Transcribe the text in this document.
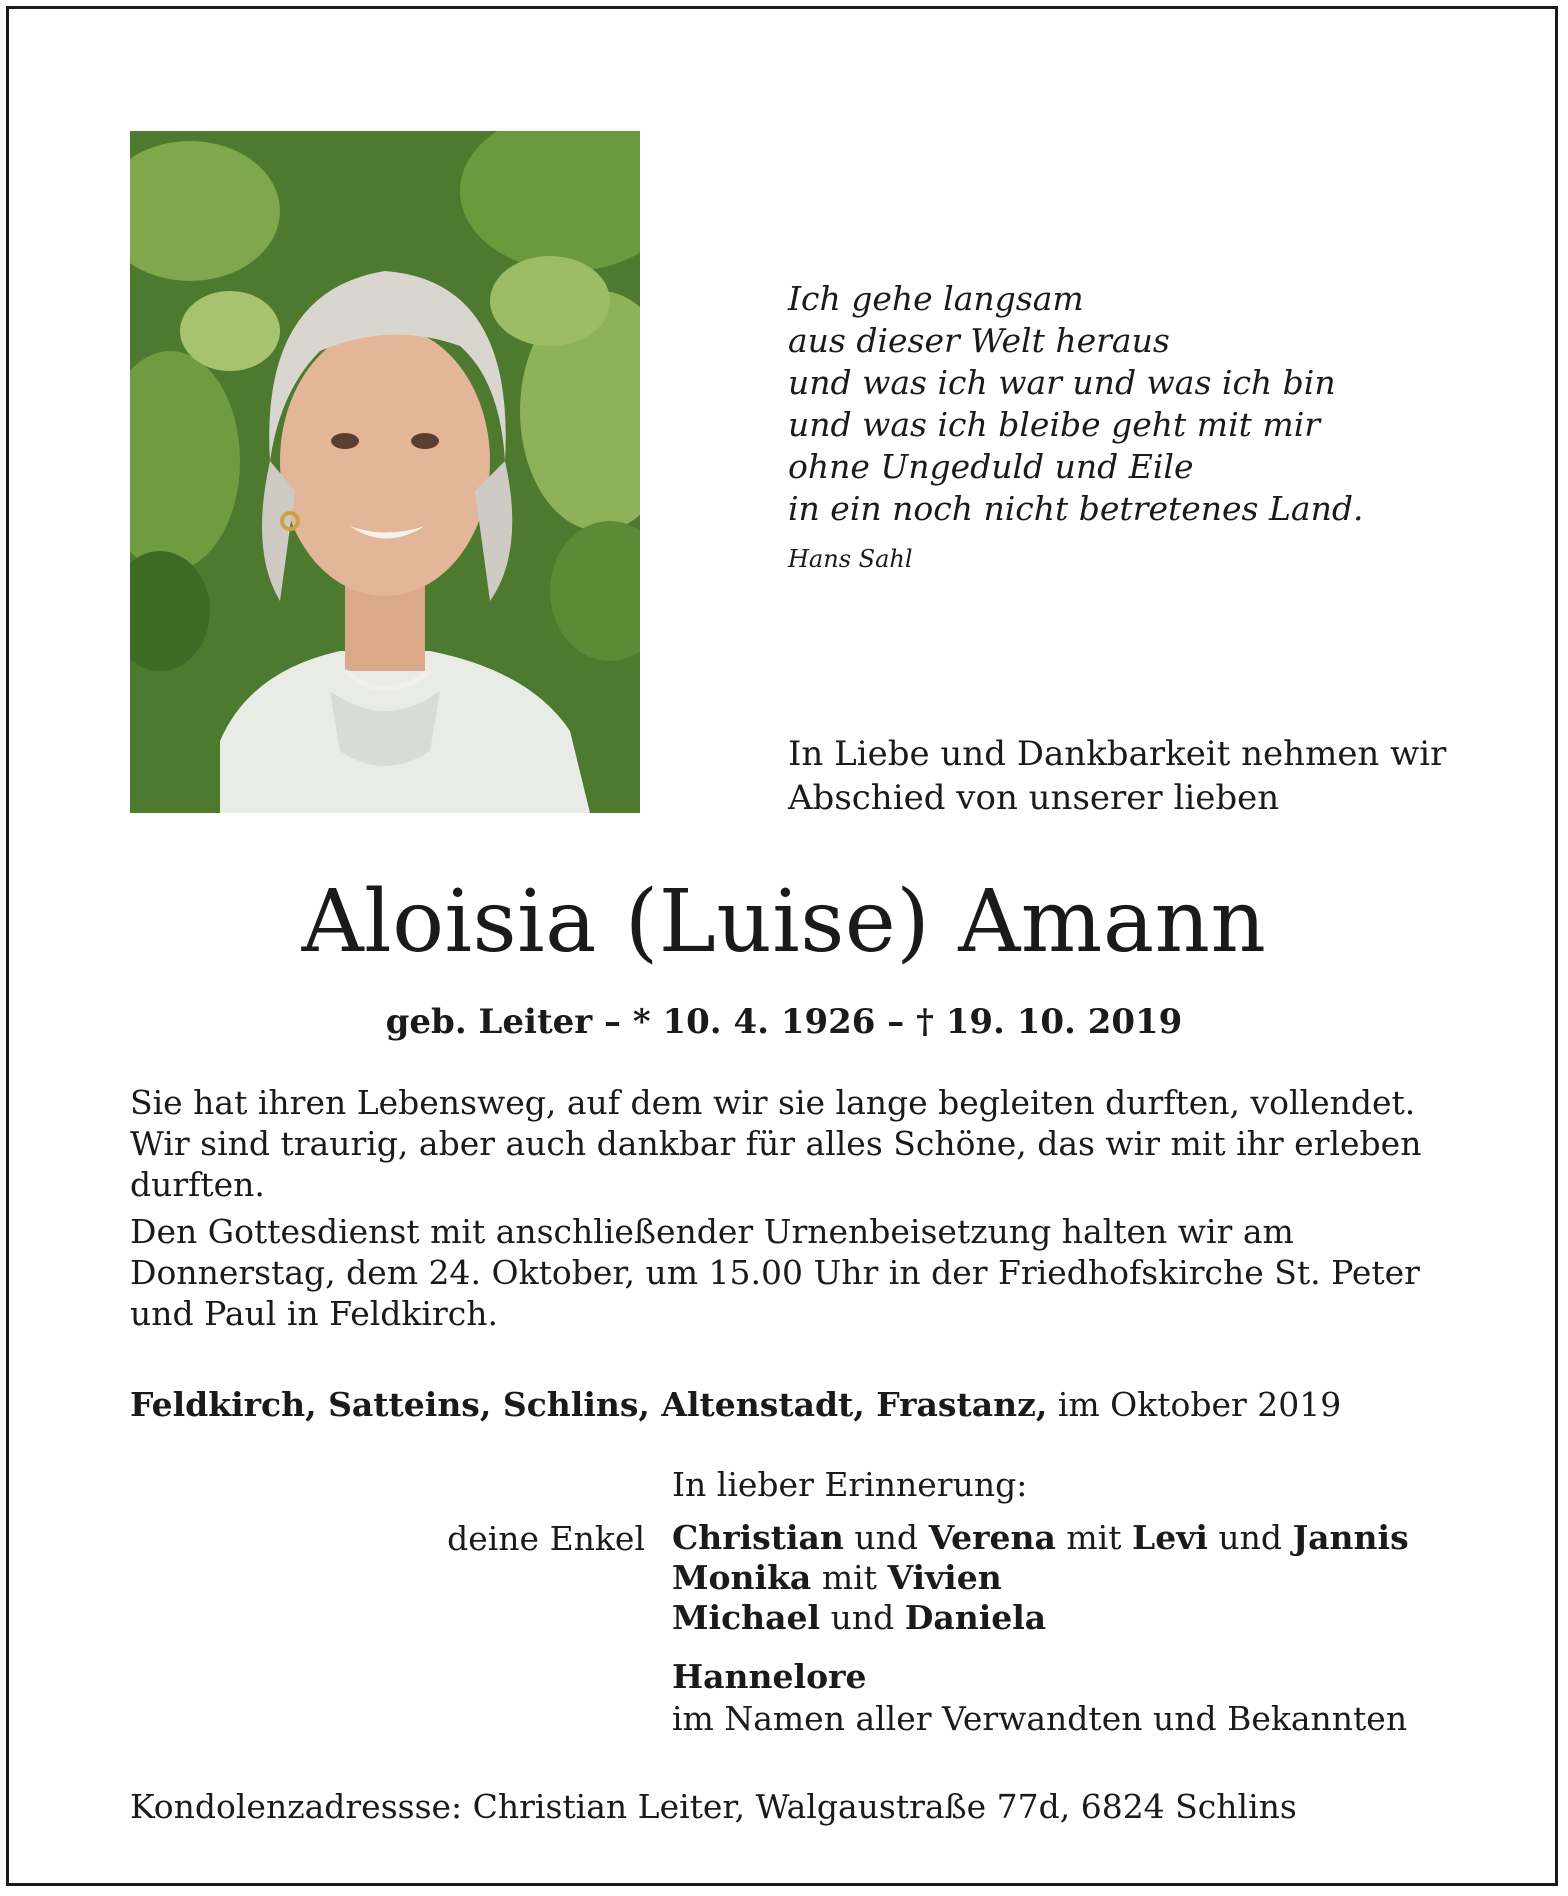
Ich gehe langsam
aus dieser Welt heraus
und was ich war und was ich bin
und was ich bleibe geht mit mir
ohne Ungeduld und Eile
in ein noch nicht betretenes Land.
Hans Sahl
In Liebe und Dankbarkeit nehmen wir
Abschied von unserer lieben
Aloisia (Luise) Amann
geb. Leiter – * 10. 4. 1926 – † 19. 10. 2019

Sie hat ihren Lebensweg, auf dem wir sie lange begleiten durften, vollendet. Wir sind traurig, aber auch dankbar für alles Schöne, das wir mit ihr erleben durften.

Den Gottesdienst mit anschließender Urnenbeisetzung halten wir am Donnerstag, dem 24. Oktober, um 15.00 Uhr in der Friedhofskirche St. Peter und Paul in Feldkirch.

Feldkirch, Satteins, Schlins, Altenstadt, Frastanz, im Oktober 2019
In lieber Erinnerung:
deine Enkel Christian und Verena mit Levi und Jannis
Monika mit Vivien
Michael und Daniela
Hannelore
im Namen aller Verwandten und Bekannten
Kondolenzadressse: Christian Leiter, Walgaustraße 77d, 6824 Schlins
